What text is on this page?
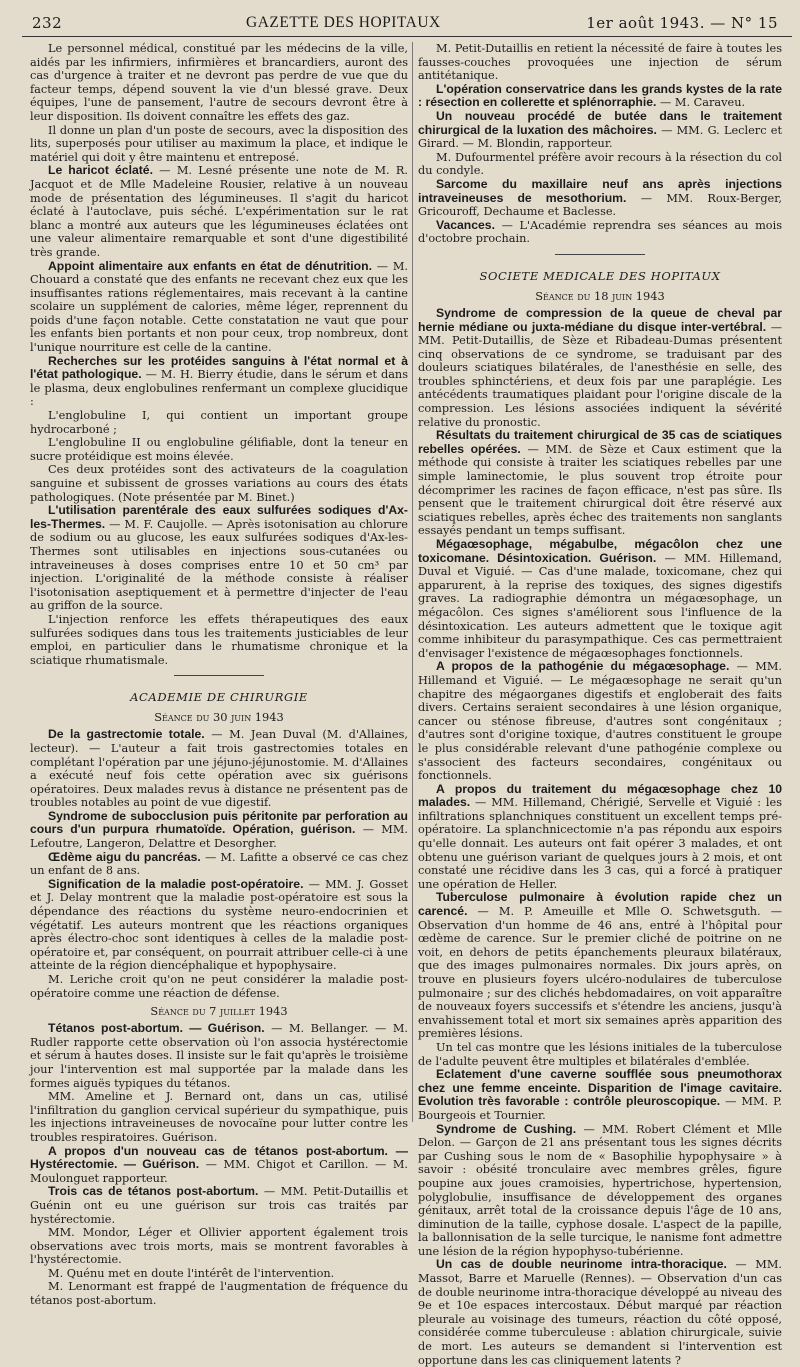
232	GAZETTE DES HOPITAUX	1er août 1943. — N° 15

Le personnel médical, constitué par les médecins de la ville, aidés par les infirmiers, infirmières et brancardiers, auront des cas d'urgence à traiter et ne devront pas perdre de vue que du facteur temps, dépend souvent la vie d'un blessé grave. Deux équipes, l'une de pansement, l'autre de secours devront être à leur disposition. Ils doivent connaître les effets des gaz.

Il donne un plan d'un poste de secours, avec la disposition des lits, superposés pour utiliser au maximum la place, et indique le matériel qui doit y être maintenu et entreposé.

Le haricot éclaté. — M. Lesné présente une note de M. R. Jacquot et de Mlle Madeleine Rousier, relative à un nouveau mode de présentation des légumineuses. Il s'agit du haricot éclaté à l'autoclave, puis séché. L'expérimentation sur le rat blanc a montré aux auteurs que les légumineuses éclatées ont une valeur alimentaire remarquable et sont d'une digestibilité très grande.

Appoint alimentaire aux enfants en état de dénutrition. — M. Chouard a constaté que des enfants ne recevant chez eux que les insuffisantes rations réglementaires, mais recevant à la cantine scolaire un supplément de calories, même léger, reprennent du poids d'une façon notable. Cette constatation ne vaut que pour les enfants bien portants et non pour ceux, trop nombreux, dont l'unique nourriture est celle de la cantine.

Recherches sur les protéides sanguins à l'état normal et à l'état pathologique. — M. H. Bierry étudie, dans le sérum et dans le plasma, deux englobulines renfermant un complexe glucidique :

L'englobuline I, qui contient un important groupe hydrocarboné ;

L'englobuline II ou englobuline gélifiable, dont la teneur en sucre protéidique est moins élevée.

Ces deux protéides sont des activateurs de la coagulation sanguine et subissent de grosses variations au cours des états pathologiques. (Note présentée par M. Binet.)

L'utilisation parentérale des eaux sulfurées sodiques d'Ax-les-Thermes. — M. F. Caujolle. — Après isotonisation au chlorure de sodium ou au glucose, les eaux sulfurées sodiques d'Ax-les-Thermes sont utilisables en injections sous-cutanées ou intraveineuses à doses comprises entre 10 et 50 cm³ par injection. L'originalité de la méthode consiste à réaliser l'isotonisation aseptiquement et à permettre d'injecter de l'eau au griffon de la source.

L'injection renforce les effets thérapeutiques des eaux sulfurées sodiques dans tous les traitements justiciables de leur emploi, en particulier dans le rhumatisme chronique et la sciatique rhumatismale.

ACADEMIE DE CHIRURGIE
Séance du 30 juin 1943

De la gastrectomie totale. — M. Jean Duval (M. d'Allaines, lecteur). — L'auteur a fait trois gastrectomies totales en complétant l'opération par une jéjuno-jéjunostomie. M. d'Allaines a exécuté neuf fois cette opération avec six guérisons opératoires. Deux malades revus à distance ne présentent pas de troubles notables au point de vue digestif.

Syndrome de subocclusion puis péritonite par perforation au cours d'un purpura rhumatoïde. Opération, guérison. — MM. Lefoutre, Langeron, Delattre et Desorgher.

Œdème aigu du pancréas. — M. Lafitte a observé ce cas chez un enfant de 8 ans.

Signification de la maladie post-opératoire. — MM. J. Gosset et J. Delay montrent que la maladie post-opératoire est sous la dépendance des réactions du système neuro-endocrinien et végétatif. Les auteurs montrent que les réactions organiques après électro-choc sont identiques à celles de la maladie post-opératoire et, par conséquent, on pourrait attribuer celle-ci à une atteinte de la région diencéphalique et hypophysaire.

M. Leriche croit qu'on ne peut considérer la maladie post-opératoire comme une réaction de défense.

Séance du 7 juillet 1943

Tétanos post-abortum. — Guérison. — M. Bellanger. — M. Rudler rapporte cette observation où l'on associa hystérectomie et sérum à hautes doses. Il insiste sur le fait qu'après le troisième jour l'intervention est mal supportée par la malade dans les formes aiguës typiques du tétanos.

MM. Ameline et J. Bernard ont, dans un cas, utilisé l'infiltration du ganglion cervical supérieur du sympathique, puis les injections intraveineuses de novocaïne pour lutter contre les troubles respiratoires. Guérison.

A propos d'un nouveau cas de tétanos post-abortum. — Hystérectomie. — Guérison. — MM. Chigot et Carillon. — M. Moulonguet rapporteur.

Trois cas de tétanos post-abortum. — MM. Petit-Dutaillis et Guénin ont eu une guérison sur trois cas traités par hystérectomie.

MM. Mondor, Léger et Ollivier apportent également trois observations avec trois morts, mais se montrent favorables à l'hystérectomie.

M. Quénu met en doute l'intérêt de l'intervention.

M. Lenormant est frappé de l'augmentation de fréquence du tétanos post-abortum.

M. Petit-Dutaillis en retient la nécessité de faire à toutes les fausses-couches provoquées une injection de sérum antitétanique.

L'opération conservatrice dans les grands kystes de la rate : résection en collerette et splénorraphie. — M. Caraveu.

Un nouveau procédé de butée dans le traitement chirurgical de la luxation des mâchoires. — MM. G. Leclerc et Girard. — M. Blondin, rapporteur.

M. Dufourmentel préfère avoir recours à la résection du col du condyle.

Sarcome du maxillaire neuf ans après injections intraveineuses de mesothorium. — MM. Roux-Berger, Gricouroff, Dechaume et Baclesse.

Vacances. — L'Académie reprendra ses séances au mois d'octobre prochain.

SOCIETE MEDICALE DES HOPITAUX
Séance du 18 juin 1943

Syndrome de compression de la queue de cheval par hernie médiane ou juxta-médiane du disque inter-vertébral. — MM. Petit-Dutaillis, de Sèze et Ribadeau-Dumas présentent cinq observations de ce syndrome, se traduisant par des douleurs sciatiques bilatérales, de l'anesthésie en selle, des troubles sphinctériens, et deux fois par une paraplégie. Les antécédents traumatiques plaidant pour l'origine discale de la compression. Les lésions associées indiquent la sévérité relative du pronostic.

Résultats du traitement chirurgical de 35 cas de sciatiques rebelles opérées. — MM. de Sèze et Caux estiment que la méthode qui consiste à traiter les sciatiques rebelles par une simple laminectomie, le plus souvent trop étroite pour décomprimer les racines de façon efficace, n'est pas sûre. Ils pensent que le traitement chirurgical doit être réservé aux sciatiques rebelles, après échec des traitements non sanglants essayés pendant un temps suffisant.

Mégaœsophage, mégabulbe, mégacôlon chez une toxicomane. Désintoxication. Guérison. — MM. Hillemand, Duval et Viguié. — Cas d'une malade, toxicomane, chez qui apparurent, à la reprise des toxiques, des signes digestifs graves. La radiographie démontra un mégaœsophage, un mégacôlon. Ces signes s'améliorent sous l'influence de la désintoxication. Les auteurs admettent que le toxique agit comme inhibiteur du parasympathique. Ces cas permettraient d'envisager l'existence de mégaœsophages fonctionnels.

A propos de la pathogénie du mégaœsophage. — MM. Hillemand et Viguié. — Le mégaœsophage ne serait qu'un chapitre des mégaorganes digestifs et engloberait des faits divers. Certains seraient secondaires à une lésion organique, cancer ou sténose fibreuse, d'autres sont congénitaux ; d'autres sont d'origine toxique, d'autres constituent le groupe le plus considérable relevant d'une pathogénie complexe ou s'associent des facteurs secondaires, congénitaux ou fonctionnels.

A propos du traitement du mégaœsophage chez 10 malades. — MM. Hillemand, Chérigié, Servelle et Viguié : les infiltrations splanchniques constituent un excellent temps pré-opératoire. La splanchnicectomie n'a pas répondu aux espoirs qu'elle donnait. Les auteurs ont fait opérer 3 malades, et ont obtenu une guérison variant de quelques jours à 2 mois, et ont constaté une récidive dans les 3 cas, qui a forcé à pratiquer une opération de Heller.

Tuberculose pulmonaire à évolution rapide chez un carencé. — M. P. Ameuille et Mlle O. Schwetsguth. — Observation d'un homme de 46 ans, entré à l'hôpital pour œdème de carence. Sur le premier cliché de poitrine on ne voit, en dehors de petits épanchements pleuraux bilatéraux, que des images pulmonaires normales. Dix jours après, on trouve en plusieurs foyers ulcéro-nodulaires de tuberculose pulmonaire ; sur des clichés hebdomadaires, on voit apparaître de nouveaux foyers successifs et s'étendre les anciens, jusqu'à envahissement total et mort six semaines après apparition des premières lésions.

Un tel cas montre que les lésions initiales de la tuberculose de l'adulte peuvent être multiples et bilatérales d'emblée.

Eclatement d'une caverne soufflée sous pneumothorax chez une femme enceinte. Disparition de l'image cavitaire. Evolution très favorable : contrôle pleuroscopique. — MM. P. Bourgeois et Tournier.

Syndrome de Cushing. — MM. Robert Clément et Mlle Delon. — Garçon de 21 ans présentant tous les signes décrits par Cushing sous le nom de « Basophilie hypophysaire » à savoir : obésité tronculaire avec membres grêles, figure poupine aux joues cramoisies, hypertrichose, hypertension, polyglobulie, insuffisance de développement des organes génitaux, arrêt total de la croissance depuis l'âge de 10 ans, diminution de la taille, cyphose dosale. L'aspect de la papille, la ballonnisation de la selle turcique, le nanisme font admettre une lésion de la région hypophyso-tubérienne.

Un cas de double neurinome intra-thoracique. — MM. Massot, Barre et Maruelle (Rennes). — Observation d'un cas de double neurinome intra-thoracique développé au niveau des 9e et 10e espaces intercostaux. Début marqué par réaction pleurale au voisinage des tumeurs, réaction du côté opposé, considérée comme tuberculeuse : ablation chirurgicale, suivie de mort. Les auteurs se demandent si l'intervention est opportune dans les cas cliniquement latents ?
